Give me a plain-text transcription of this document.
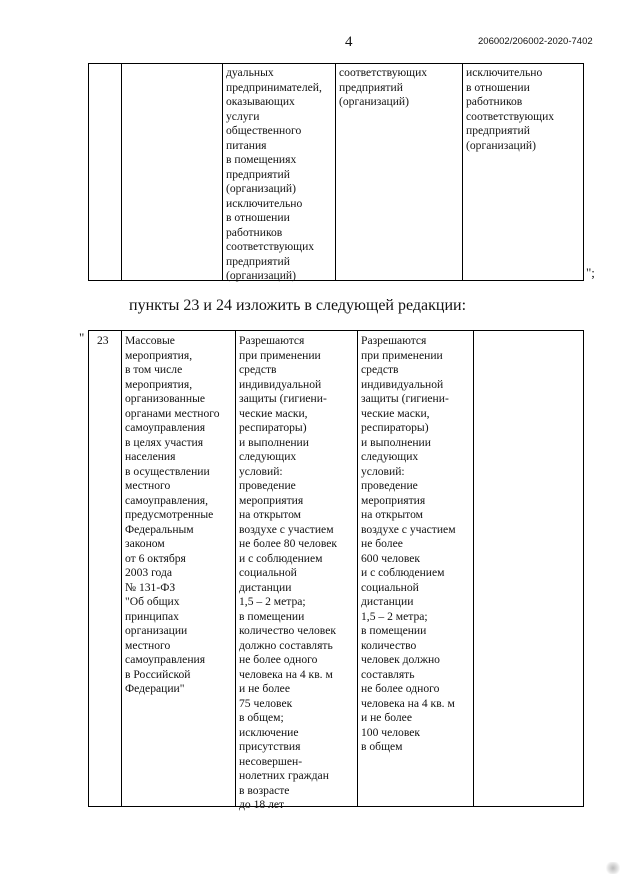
4	206002/206002-2020-7402
дуальных
предпринимателей,
оказывающих
услуги
общественного
питания
в помещениях
предприятий
(организаций)
исключительно
в отношении
работников
соответствующих
предприятий
(организаций)
соответствующих
предприятий
(организаций)
исключительно
в отношении
работников
соответствующих
предприятий
(организаций)
";
пункты 23 и 24 изложить в следующей редакции:
" 23 Массовые
мероприятия,
в том числе
мероприятия,
организованные
органами местного
самоуправления
в целях участия
населения
в осуществлении
местного
самоуправления,
предусмотренные
Федеральным
законом
от 6 октября
2003 года
№ 131-ФЗ
"Об общих
принципах
организации
местного
самоуправления
в Российской
Федерации"
Разрешаются
при применении
средств
индивидуальной
защиты (гигиени-
ческие маски,
респираторы)
и выполнении
следующих
условий:
проведение
мероприятия
на открытом
воздухе с участием
не более 80 человек
и с соблюдением
социальной
дистанции
1,5 – 2 метра;
в помещении
количество человек
должно составлять
не более одного
человека на 4 кв. м
и не более
75 человек
в общем;
исключение
присутствия
несовершен-
нолетних граждан
в возрасте
до 18 лет
Разрешаются
при применении
средств
индивидуальной
защиты (гигиени-
ческие маски,
респираторы)
и выполнении
следующих
условий:
проведение
мероприятия
на открытом
воздухе с участием
не более
600 человек
и с соблюдением
социальной
дистанции
1,5 – 2 метра;
в помещении
количество
человек должно
составлять
не более одного
человека на 4 кв. м
и не более
100 человек
в общем
